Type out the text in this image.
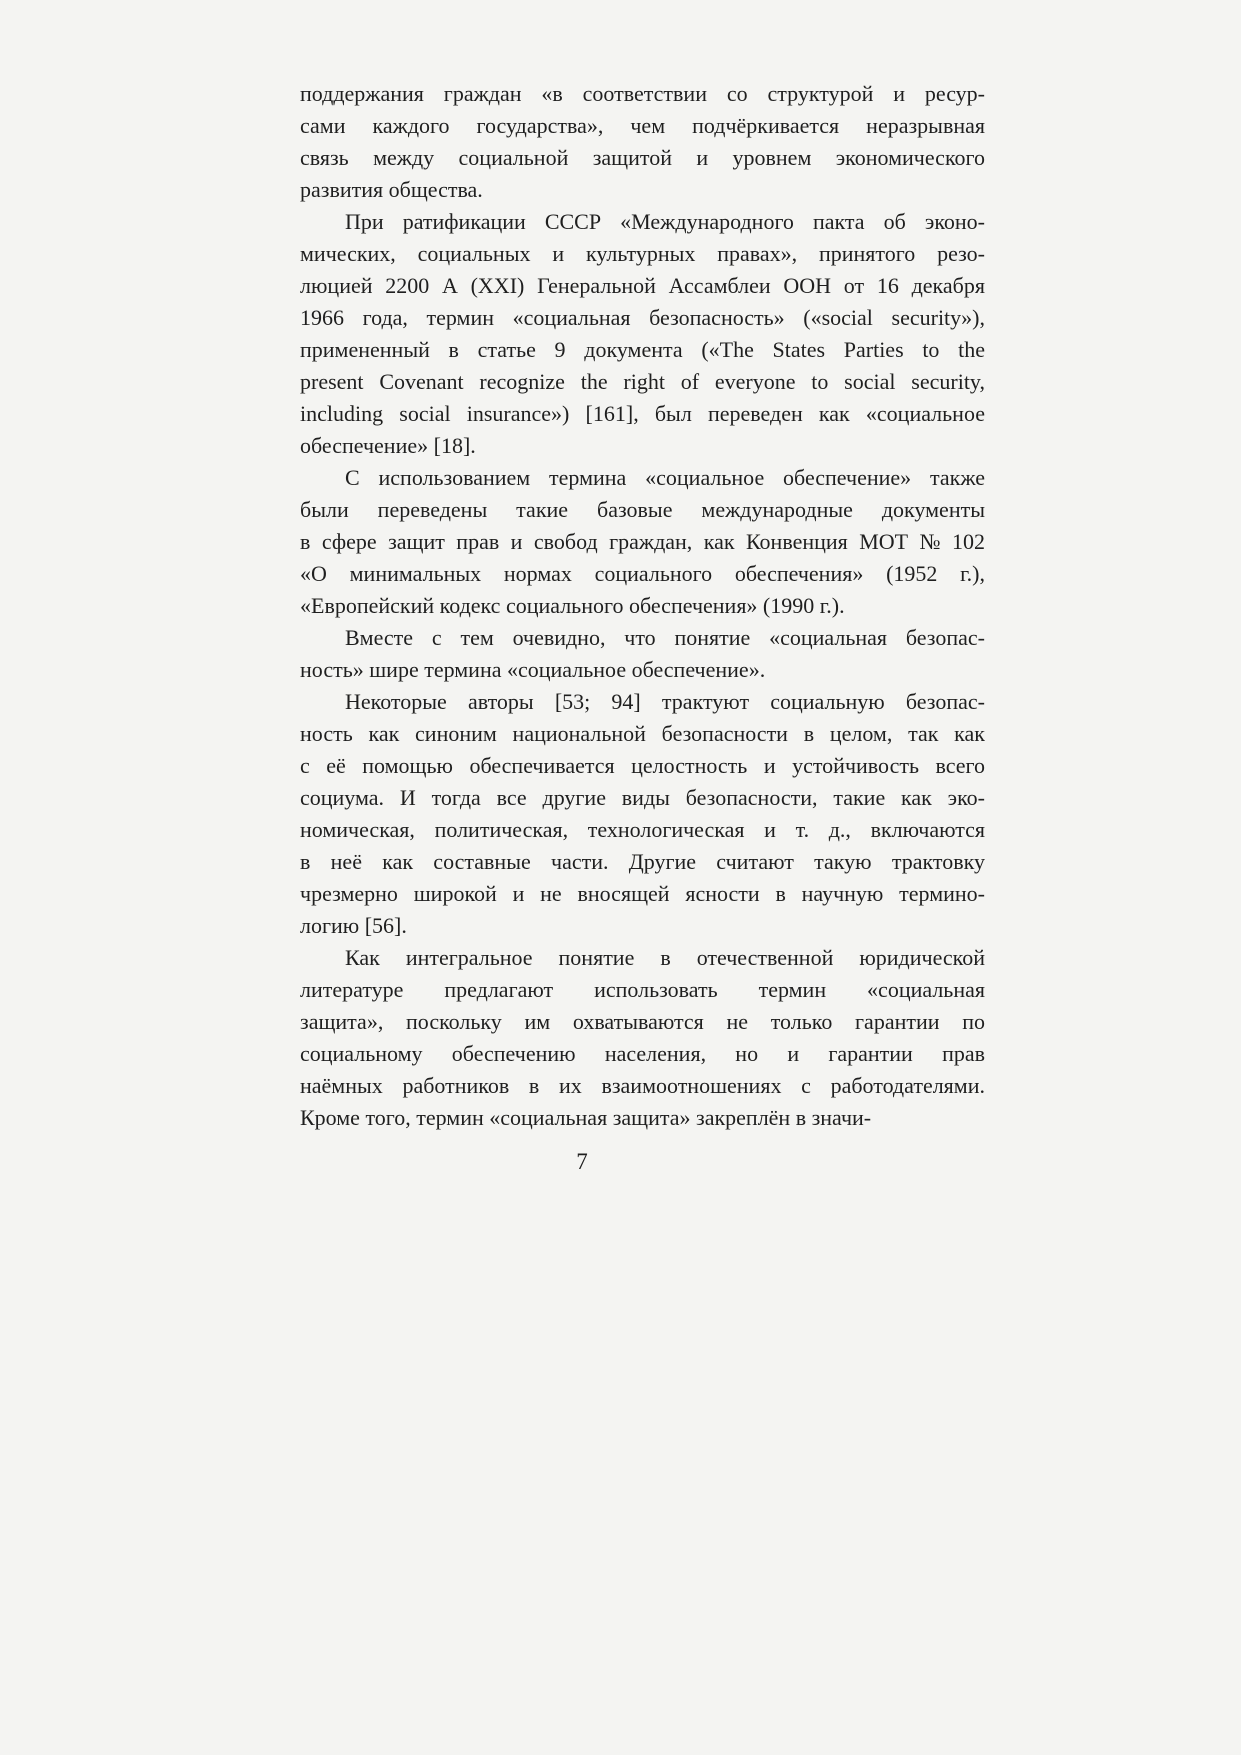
поддержания граждан «в соответствии со структурой и ресур-
сами каждого государства», чем подчёркивается неразрывная
связь между социальной защитой и уровнем экономического
развития общества.
При ратификации СССР «Международного пакта об эконо-
мических, социальных и культурных правах», принятого резо-
люцией 2200 А (XXI) Генеральной Ассамблеи ООН от 16 декабря
1966 года, термин «социальная безопасность» («social security»),
примененный в статье 9 документа («The States Parties to the
present Covenant recognize the right of everyone to social security,
including social insurance») [161], был переведен как «социальное
обеспечение» [18].
С использованием термина «социальное обеспечение» также
были переведены такие базовые международные документы
в сфере защит прав и свобод граждан, как Конвенция МОТ № 102
«О минимальных нормах социального обеспечения» (1952 г.),
«Европейский кодекс социального обеспечения» (1990 г.).
Вместе с тем очевидно, что понятие «социальная безопас-
ность» шире термина «социальное обеспечение».
Некоторые авторы [53; 94] трактуют социальную безопас-
ность как синоним национальной безопасности в целом, так как
с её помощью обеспечивается целостность и устойчивость всего
социума. И тогда все другие виды безопасности, такие как эко-
номическая, политическая, технологическая и т. д., включаются
в неё как составные части. Другие считают такую трактовку
чрезмерно широкой и не вносящей ясности в научную термино-
логию [56].
Как интегральное понятие в отечественной юридической
литературе предлагают использовать термин «социальная
защита», поскольку им охватываются не только гарантии по
социальному обеспечению населения, но и гарантии прав
наёмных работников в их взаимоотношениях с работодателями.
Кроме того, термин «социальная защита» закреплён в значи-
7
